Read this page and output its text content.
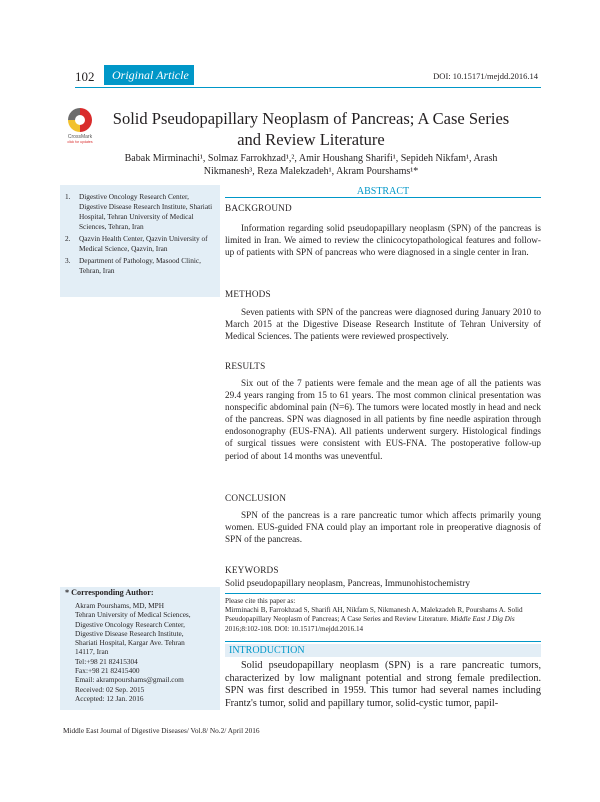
102	Original Article	DOI: 10.15171/mejdd.2016.14
CrossMark
click for updates
Solid Pseudopapillary Neoplasm of Pancreas; A Case Series and Review Literature
Babak Mirminachi¹, Solmaz Farrokhzad¹,², Amir Houshang Sharifi¹, Sepideh Nikfam¹, Arash Nikmanesh³, Reza Malekzadeh¹, Akram Pourshams¹*
1. Digestive Oncology Research Center, Digestive Disease Research Institute, Shariati Hospital, Tehran University of Medical Sciences, Tehran, Iran
2. Qazvin Health Center, Qazvin University of Medical Science, Qazvin, Iran
3. Department of Pathology, Masood Clinic, Tehran, Iran
ABSTRACT
BACKGROUND
Information regarding solid pseudopapillary neoplasm (SPN) of the pancreas is limited in Iran. We aimed to review the clinicocytopathological features and follow-up of patients with SPN of pancreas who were diagnosed in a single center in Iran.
METHODS
Seven patients with SPN of the pancreas were diagnosed during January 2010 to March 2015 at the Digestive Disease Research Institute of Tehran University of Medical Sciences. The patients were reviewed prospectively.
RESULTS
Six out of the 7 patients were female and the mean age of all the patients was 29.4 years ranging from 15 to 61 years. The most common clinical presentation was nonspecific abdominal pain (N=6). The tumors were located mostly in head and neck of the pancreas. SPN was diagnosed in all patients by fine needle aspiration through endosonography (EUS-FNA). All patients underwent surgery. Histological findings of surgical tissues were consistent with EUS-FNA. The postoperative follow-up period of about 14 months was uneventful.
CONCLUSION
SPN of the pancreas is a rare pancreatic tumor which affects primarily young women. EUS-guided FNA could play an important role in preoperative diagnosis of SPN of the pancreas.
KEYWORDS
Solid pseudopapillary neoplasm, Pancreas, Immunohistochemistry
* Corresponding Author:
Akram Pourshams, MD, MPH
Tehran University of Medical Sciences,
Digestive Oncology Research Center,
Digestive Disease Research Institute,
Shariati Hospital, Kargar Ave. Tehran
14117, Iran
Tel:+98 21 82415304
Fax:+98 21 82415400
Email: akrampourshams@gmail.com
Received: 02 Sep. 2015
Accepted: 12 Jan. 2016
Please cite this paper as:
Mirminachi B, Farrokhzad S, Sharifi AH, Nikfam S, Nikmanesh A, Malekzadeh R, Pourshams A. Solid Pseudopapillary Neoplasm of Pancreas; A Case Series and Review Literature. Middle East J Dig Dis 2016;8:102-108. DOI: 10.15171/mejdd.2016.14
INTRODUCTION
Solid pseudopapillary neoplasm (SPN) is a rare pancreatic tumors, characterized by low malignant potential and strong female predilection. SPN was first described in 1959. This tumor had several names including Frantz's tumor, solid and papillary tumor, solid-cystic tumor, papil-
Middle East Journal of Digestive Diseases/ Vol.8/ No.2/ April 2016
